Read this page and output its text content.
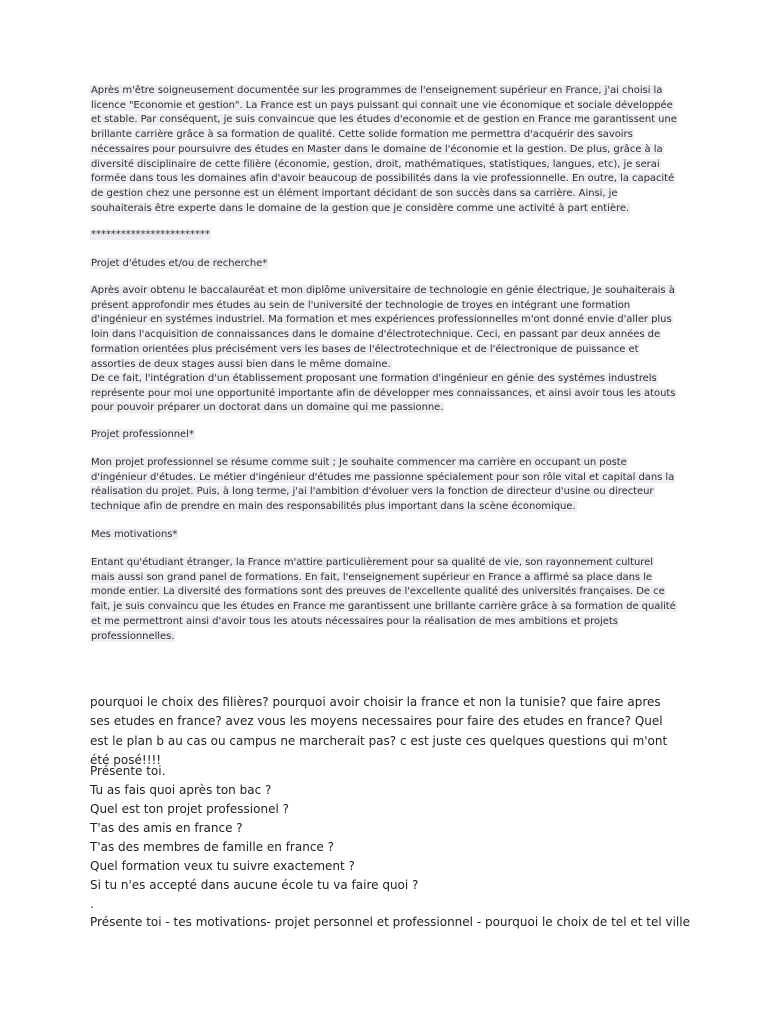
Après m'être soigneusement documentée sur les programmes de l'enseignement supérieur en France, j'ai choisi la licence "Economie et gestion". La France est un pays puissant qui connait une vie économique et sociale développée et stable. Par conséquent, je suis convaincue que les études d'economie et de gestion en France me garantissent une brillante carrière grâce à sa formation de qualité. Cette solide formation me permettra d'acquérir des savoirs nécessaires pour poursuivre des études en Master dans le domaine de l'économie et la gestion. De plus, grâce à la diversité disciplinaire de cette filière (économie, gestion, droit, mathématiques, statistiques, langues, etc), je serai formée dans tous les domaines afin d'avoir beaucoup de possibilités dans la vie professionnelle. En outre, la capacité de gestion chez une personne est un élément important décidant de son succès dans sa carrière. Ainsi, je souhaiterais être experte dans le domaine de la gestion que je considère comme une activité à part entière.

************************

Projet d'études et/ou de recherche*

Après avoir obtenu le baccalauréat et mon diplôme universitaire de technologie en génie électrique, Je souhaiterais à présent approfondir mes études au sein de l'université der technologie de troyes en intégrant une formation d'ingénieur en systémes industriel. Ma formation et mes expériences professionnelles m'ont donné envie d'aller plus loin dans l'acquisition de connaissances dans le domaine d'électrotechnique. Ceci, en passant par deux années de formation orientées plus précisément vers les bases de l'électrotechnique et de l'électronique de puissance et assorties de deux stages aussi bien dans le même domaine.

De ce fait, l'intégration d'un établissement proposant une formation d'ingénieur en génie des systémes industrels représente pour moi une opportunité importante afin de développer mes connaissances, et ainsi avoir tous les atouts pour pouvoir préparer un doctorat dans un domaine qui me passionne.

Projet professionnel*

Mon projet professionnel se résume comme suit ; Je souhaite commencer ma carrière en occupant un poste d'ingénieur d'études. Le métier d'ingénieur d'études me passionne spécialement pour son rôle vital et capital dans la réalisation du projet. Puis, à long terme, j'ai l'ambition d'évoluer vers la fonction de directeur d'usine ou directeur technique afin de prendre en main des responsabilités plus important dans la scène économique.

Mes motivations*

Entant qu'étudiant étranger, la France m'attire particulièrement pour sa qualité de vie, son rayonnement culturel mais aussi son grand panel de formations. En fait, l'enseignement supérieur en France a affirmé sa place dans le monde entier. La diversité des formations sont des preuves de l'excellente qualité des universités françaises. De ce fait, je suis convaincu que les études en France me garantissent une brillante carrière grâce à sa formation de qualité et me permettront ainsi d'avoir tous les atouts nécessaires pour la réalisation de mes ambitions et projets professionnelles.

pourquoi le choix des filières? pourquoi avoir choisir la france et non la tunisie? que faire apres ses etudes en france? avez vous les moyens necessaires pour faire des etudes en france? Quel est le plan b au cas ou campus ne marcherait pas? c est juste ces quelques questions qui m'ont été posé!!!!

Présente toi.
Tu as fais quoi après ton bac ?
Quel est ton projet professionel ?
T'as des amis en france ?
T'as des membres de famille en france ?
Quel formation veux tu suivre exactement ?
Si tu n'es accepté dans aucune école tu va faire quoi ?
.

Présente toi - tes motivations- projet personnel et professionnel - pourquoi le choix de tel et tel ville
